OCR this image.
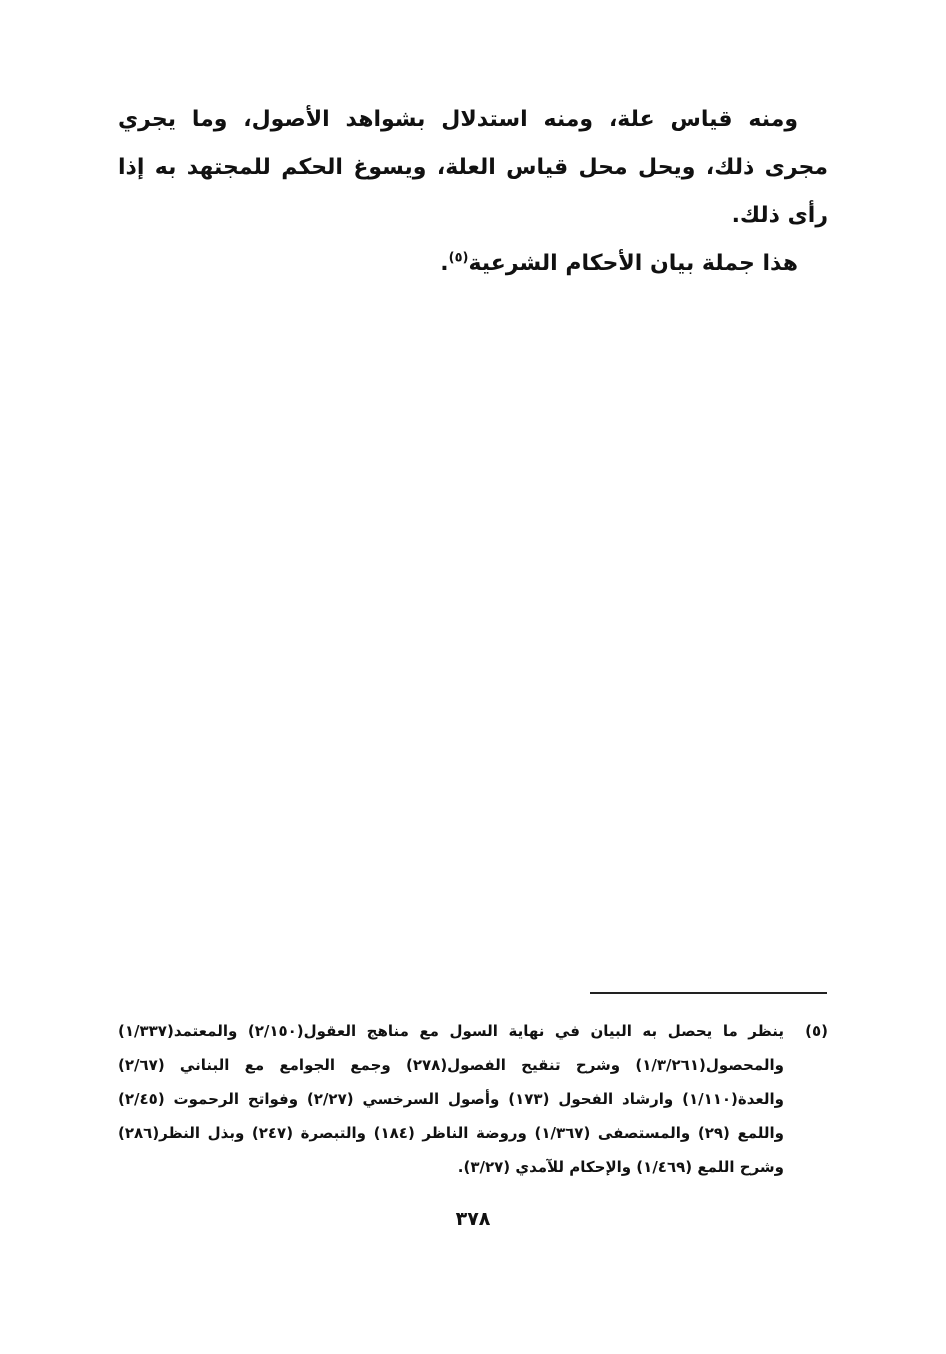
ومنه قياس علة، ومنه استدلال بشواهد الأصول، وما يجري مجرى ذلك، ويحل محل قياس العلة، ويسوغ الحكم للمجتهد به إذا رأى ذلك.

هذا جملة بيان الأحكام الشرعية$^{(٥)}$.

(٥)
ينظر ما يحصل به البيان في نهاية السول مع مناهج العقول(٢/١٥٠) والمعتمد(١/٣٣٧) والمحصول(١/٣/٢٦١) وشرح تنقيح الفصول(٢٧٨) وجمع الجوامع مع البناني (٢/٦٧) والعدة(١/١١٠) وارشاد الفحول (١٧٣) وأصول السرخسي (٢/٢٧) وفواتح الرحموت (٢/٤٥) واللمع (٢٩) والمستصفى (١/٣٦٧) وروضة الناظر (١٨٤) والتبصرة (٢٤٧) وبذل النظر(٢٨٦) وشرح اللمع (١/٤٦٩) والإحكام للآمدي (٣/٢٧).
٣٧٨
